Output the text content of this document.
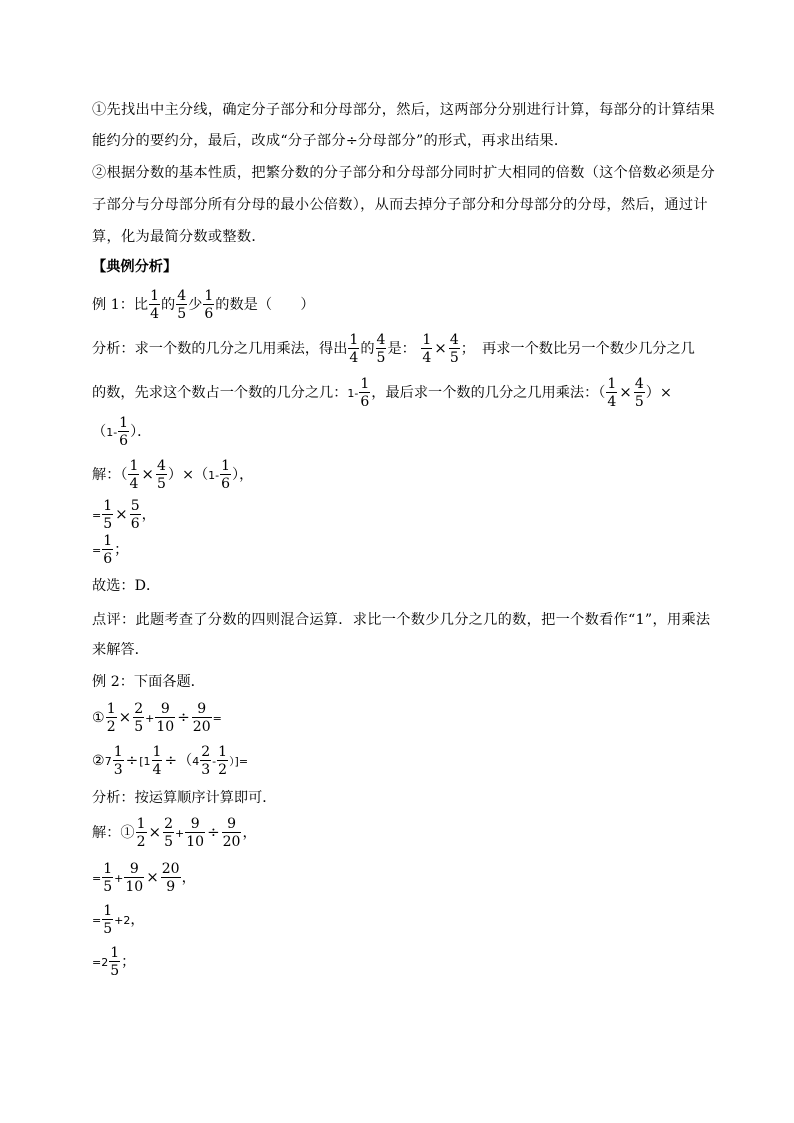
①先找出中主分线，确定分子部分和分母部分，然后，这两部分分别进行计算，每部分的计算结果
能约分的要约分，最后，改成“分子部分÷分母部分”的形式，再求出结果．
②根据分数的基本性质，把繁分数的分子部分和分母部分同时扩大相同的倍数（这个倍数必须是分
子部分与分母部分所有分母的最小公倍数），从而去掉分子部分和分母部分的分母，然后，通过计
算，化为最简分数或整数．
【典例分析】
例 1：比 $\frac{1}{4}$ 的 $\frac{4}{5}$ 少 $\frac{1}{6}$ 的数是（　　）
分析：求一个数的几分之几用乘法，得出 $\frac{1}{4}$ 的 $\frac{4}{5}$ 是： $\frac{1}{4} \times \frac{4}{5}$ ；　再求一个数比另一个数少几分之几
的数，先求这个数占一个数的几分之几：$1- \frac{1}{6}$ ，最后求一个数的几分之几用乘法：（ $\frac{1}{4} \times \frac{4}{5}$ ）×
（$1- \frac{1}{6}$ ）．
解：（ $\frac{1}{4} \times \frac{4}{5} )\times(1- \frac{1}{6}$ ），
= $\frac{1}{5} \times \frac{5}{6}$ ，
= $\frac{1}{6}$ ；
故选：D．
点评：此题考查了分数的四则混合运算．求比一个数少几分之几的数，把一个数看作“1”，用乘法
来解答．
例 2：下面各题．
① $\frac{1}{2} \times \frac{2}{5} + \frac{9}{10} \div \frac{9}{20}$ =
②7 $\frac{1}{3} \div[1 \frac{1}{4} \div(4 \frac{2}{3} - \frac{1}{2}$ ）]=
分析：按运算顺序计算即可．
解：① $\frac{1}{2} \times \frac{2}{5} + \frac{9}{10} \div \frac{9}{20}$ ，
= $\frac{1}{5} + \frac{9}{10} \times \frac{20}{9}$ ，
= $\frac{1}{5} +2$，
$=2 \frac{1}{5}$ ；
